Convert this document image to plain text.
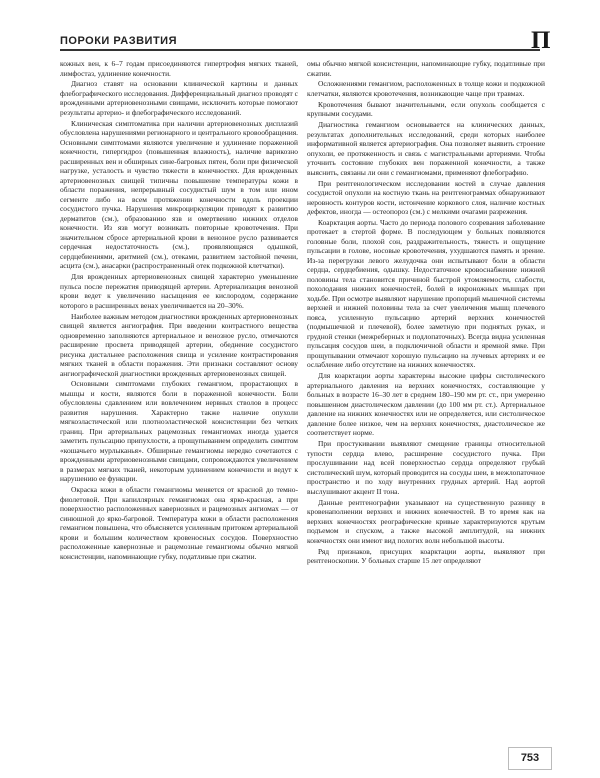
ПОРОКИ РАЗВИТИЯ	П

кожных вен, к 6–7 годам присоединяются гипертрофия мягких тканей, лимфостаз, удлинение конечности.

Диагноз ставят на основании клинической картины и данных флебографического исследования. Дифференциальный диагноз проводят с врожденными артериовенозными свищами, исключить которые помогают результаты артерио- и флебографического исследований.

Клиническая симптоматика при наличии артериовенозных дисплазий обусловлена нарушениями регионарного и центрального кровообращения. Основными симптомами являются увеличение и удлинение пораженной конечности, гипергидроз (повышенная влажность), наличие варикозно расширенных вен и обширных сине-багровых пятен, боли при физической нагрузке, усталость и чувство тяжести в конечностях. Для врожденных артериовенозных свищей типичны повышение температуры кожи в области поражения, непрерывный сосудистый шум в том или ином сегменте либо на всем протяжении конечности вдоль проекции сосудистого пучка. Нарушения микроциркуляции приводят к развитию дерматитов (см.), образованию язв и омертвению нижних отделов конечности. Из язв могут возникать повторные кровотечения. При значительном сбросе артериальной крови в венозное русло развивается сердечная недостаточность (см.), проявляющаяся одышкой, сердцебиениями, аритмией (см.), отеками, развитием застойной печени, асцита (см.), анасарки (распространенный отек подкожной клетчатки).

Для врожденных артериовенозных свищей характерно уменьшение пульса после пережатия приводящей артерии. Артериализация венозной крови ведет к увеличению насыщения ее кислородом, содержание которого в расширенных венах увеличивается на 20–30%.

Наиболее важным методом диагностики врожденных артериовенозных свищей является ангиография. При введении контрастного вещества одновременно заполняются артериальное и венозное русло, отмечаются расширение просвета приводящей артерии, обеднение сосудистого рисунка дистальнее расположения свища и усиление контрастирования мягких тканей в области поражения. Эти признаки составляют основу ангиографической диагностики врожденных артериовенозных свищей.

Основными симптомами глубоких гемангиом, прорастающих в мышцы и кости, являются боли в пораженной конечности. Боли обусловлены сдавлением или вовлечением нервных стволов в процесс развития нарушения. Характерно также наличие опухоли мягкоэластической или плотноэластической консистенции без четких границ. При артериальных рацемозных гемангиомах иногда удается заметить пульсацию припухлости, а прощупыванием определить симптом «кошачьего мурлыканья». Обширные гемангиомы нередко сочетаются с врожденными артериовенозными свищами, сопровождаются увеличением в размерах мягких тканей, некоторым удлинением конечности и ведут к нарушению ее функции.

Окраска кожи в области гемангиомы меняется от красной до темно-фиолетовой. При капиллярных гемангиомах она ярко-красная, а при поверхностно расположенных кавернозных и рацемозных ангиомах — от синюшной до ярко-багровой. Температура кожи в области расположения гемангиом повышена, что объясняется усиленным притоком артериальной крови и большим количеством кровеносных сосудов. Поверхностно расположенные кавернозные и рацемозные гемангиомы обычно мягкой консистенции, напоминающие губку, податливые при сжатии.

омы обычно мягкой консистенции, напоминающие губку, податливые при сжатии.

Осложнениями гемангиом, расположенных в толще кожи и подкожной клетчатки, являются кровотечения, возникающие чаще при травмах.

Кровотечения бывают значительными, если опухоль сообщается с крупными сосудами.

Диагностика гемангиом основывается на клинических данных, результатах дополнительных исследований, среди которых наиболее информативной является артериография. Она позволяет выявить строение опухоли, ее протяженность и связь с магистральными артериями. Чтобы уточнить состояние глубоких вен пораженной конечности, а также выяснить, связаны ли они с гемангиомами, применяют флебографию.

При рентгенологическом исследовании костей в случае давления сосудистой опухоли на костную ткань на рентгенограммах обнаруживают неровность контуров кости, истончение коркового слоя, наличие костных дефектов, иногда — остеопороз (см.) с мелкими очагами разрежения.

Коарктация аорты. Часто до периода полового созревания заболевание протекает в стертой форме. В последующем у больных появляются головные боли, плохой сон, раздражительность, тяжесть и ощущение пульсации в голове, носовые кровотечения, ухудшаются память и зрение. Из-за перегрузки левого желудочка они испытывают боли в области сердца, сердцебиения, одышку. Недостаточное кровоснабжение нижней половины тела становится причиной быстрой утомляемости, слабости, похолодания нижних конечностей, болей в икроножных мышцах при ходьбе. При осмотре выявляют нарушение пропорций мышечной системы верхней и нижней половины тела за счет увеличения мышц плечевого пояса, усиленную пульсацию артерий верхних конечностей (подмышечной и плечевой), более заметную при поднятых руках, и грудной стенки (межреберных и подлопаточных). Всегда видна усиленная пульсация сосудов шеи, в подключичной области и яремной ямке. При прощупывании отмечают хорошую пульсацию на лучевых артериях и ее ослабление либо отсутствие на нижних конечностях.

Для коарктации аорты характерны высокие цифры систолического артериального давления на верхних конечностях, составляющие у больных в возрасте 16–30 лет в среднем 180–190 мм рт. ст., при умеренно повышенном диастолическом давлении (до 100 мм рт. ст.). Артериальное давление на нижних конечностях или не определяется, или систолическое давление более низкое, чем на верхних конечностях, диастолическое же соответствует норме.

При простукивании выявляют смещение границы относительной тупости сердца влево, расширение сосудистого пучка. При прослушивании над всей поверхностью сердца определяют грубый систолический шум, который проводится на сосуды шеи, в межлопаточное пространство и по ходу внутренних грудных артерий. Над аортой выслушивают акцент II тона.

Данные рентгенографии указывают на существенную разницу в кровенаполнении верхних и нижних конечностей. В то время как на верхних конечностях реографические кривые характеризуются крутым подъемом и спуском, а также высокой амплитудой, на нижних конечностях они имеют вид пологих волн небольшой высоты.

Ряд признаков, присущих коарктации аорты, выявляют при рентгеноскопии. У больных старше 15 лет определяют

753
